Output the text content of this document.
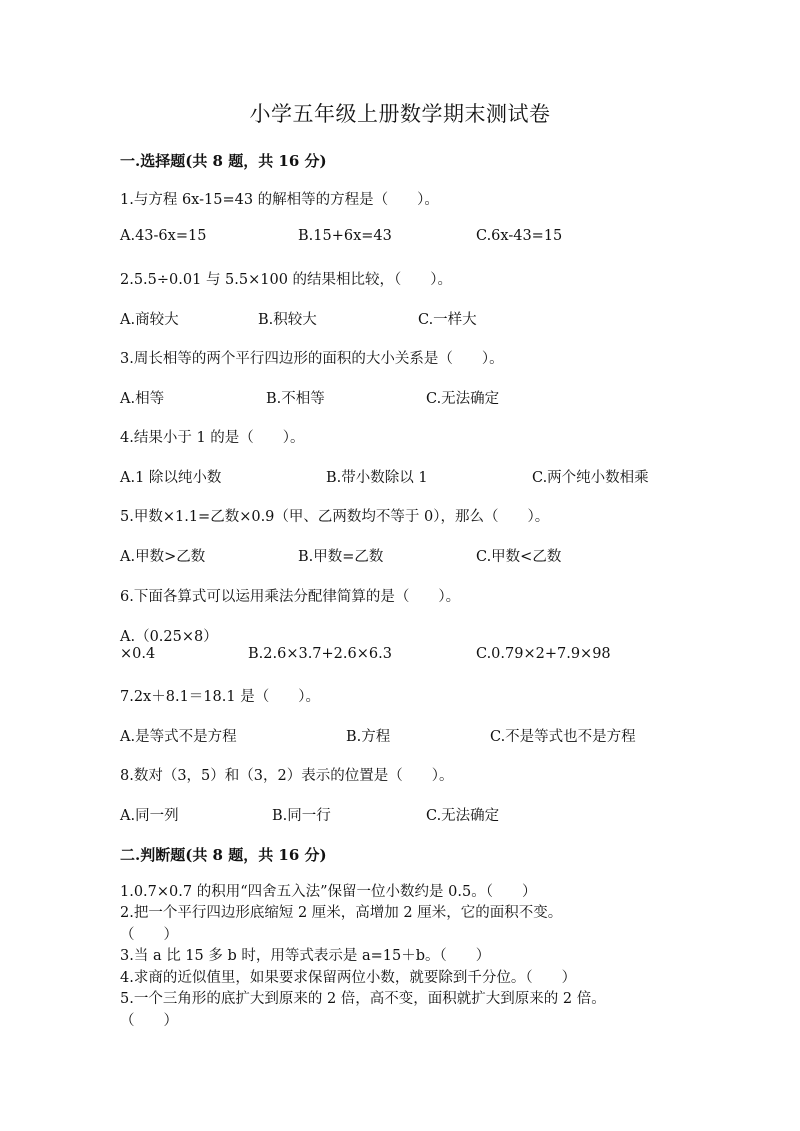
小学五年级上册数学期末测试卷
一.选择题(共 8 题，共 16 分)
1.与方程 6x-15=43 的解相等的方程是（　　）。
A.43-6x=15	B.15+6x=43	C.6x-43=15
2.5.5÷0.01 与 5.5×100 的结果相比较，（　　）。
A.商较大	B.积较大	C.一样大
3.周长相等的两个平行四边形的面积的大小关系是（　　）。
A.相等	B.不相等	C.无法确定
4.结果小于 1 的是（　　）。
A.1 除以纯小数	B.带小数除以 1	C.两个纯小数相乘
5.甲数×1.1=乙数×0.9（甲、乙两数均不等于 0），那么（　　）。
A.甲数>乙数	B.甲数=乙数	C.甲数<乙数
6.下面各算式可以运用乘法分配律简算的是（　　）。
A.（0.25×8）
×0.4	B.2.6×3.7+2.6×6.3	C.0.79×2+7.9×98
7.2x＋8.1＝18.1 是（　　）。
A.是等式不是方程	B.方程	C.不是等式也不是方程
8.数对（3，5）和（3，2）表示的位置是（　　）。
A.同一列	B.同一行	C.无法确定
二.判断题(共 8 题，共 16 分)
1.0.7×0.7 的积用“四舍五入法”保留一位小数约是 0.5。（　　）
2.把一个平行四边形底缩短 2 厘米，高增加 2 厘米，它的面积不变。
（　　）
3.当 a 比 15 多 b 时，用等式表示是 a=15＋b。（　　）
4.求商的近似值里，如果要求保留两位小数，就要除到千分位。（　　）
5.一个三角形的底扩大到原来的 2 倍，高不变，面积就扩大到原来的 2 倍。
（　　）
